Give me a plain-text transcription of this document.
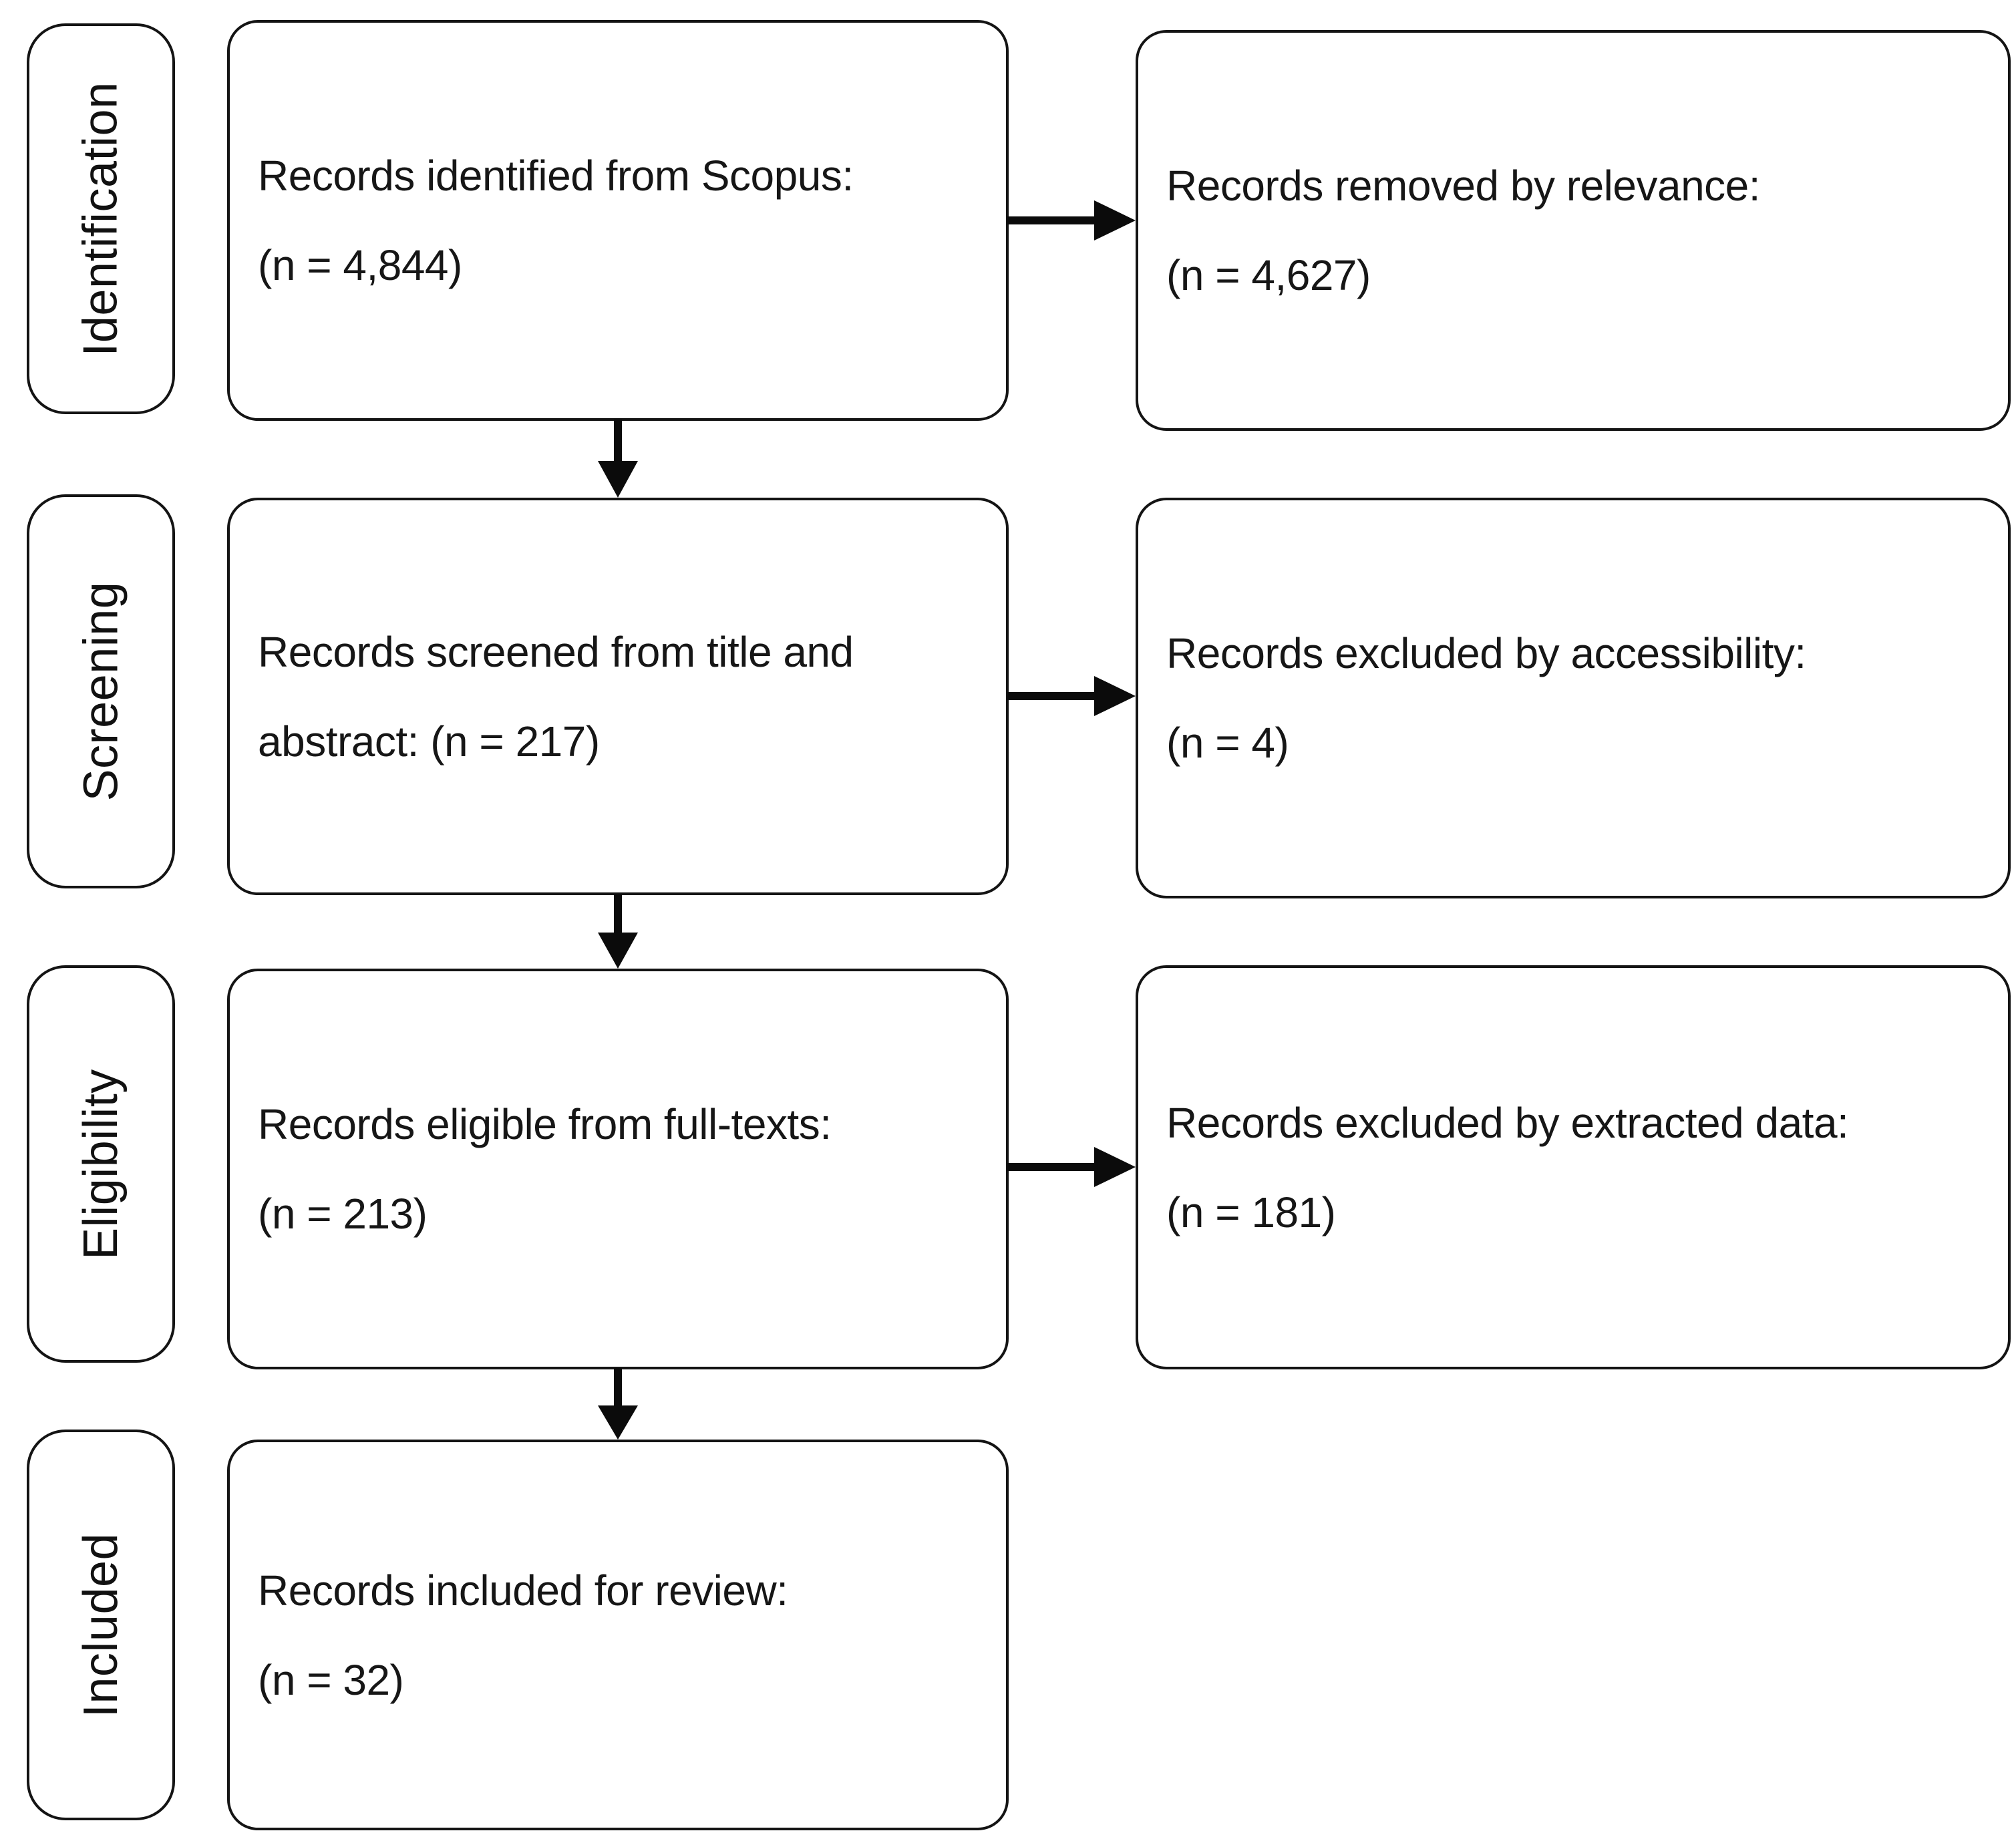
Identification
Screening
Eligibility
Included
Records identified from Scopus:
(n = 4,844)
Records screened from title and
abstract: (n = 217)
Records eligible from full-texts:
(n = 213)
Records included for review:
(n = 32)
Records removed by relevance:
(n = 4,627)
Records excluded by accessibility:
(n = 4)
Records excluded by extracted data:
(n = 181)
